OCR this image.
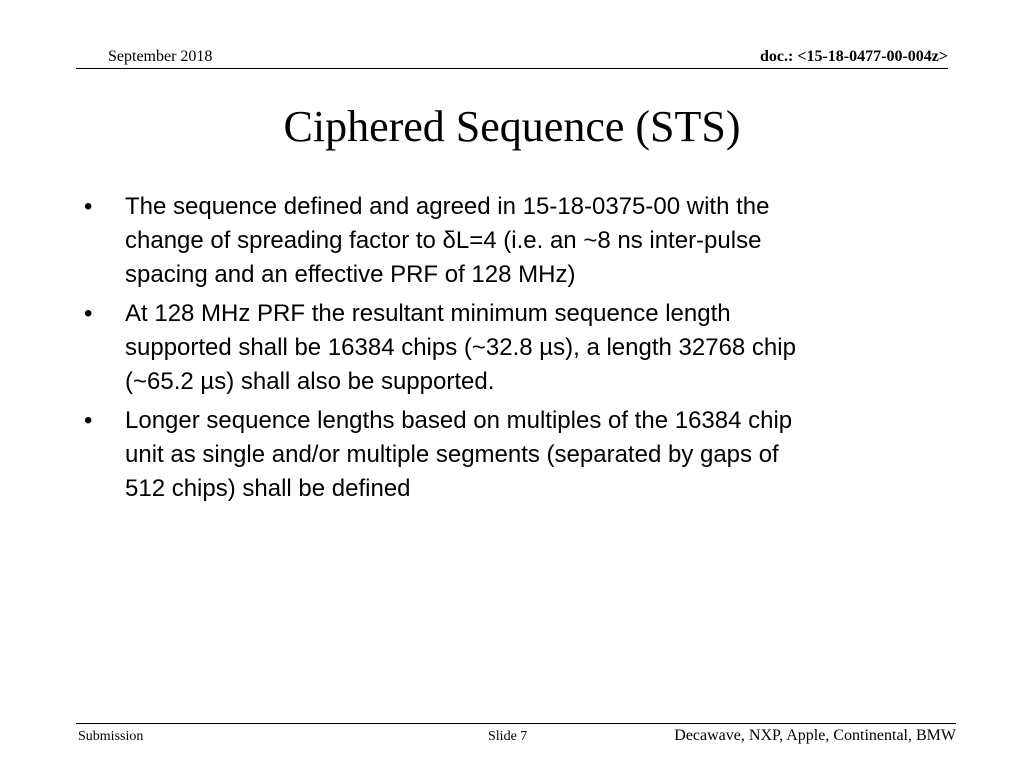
September 2018	doc.: <15-18-0477-00-004z>
Ciphered Sequence (STS)
•	The sequence defined and agreed in 15-18-0375-00 with the
change of spreading factor to δL=4 (i.e. an ~8 ns inter-pulse
spacing and an effective PRF of 128 MHz)
•	At 128 MHz PRF the resultant minimum sequence length
supported shall be 16384 chips (~32.8 µs), a length 32768 chip
(~65.2 µs) shall also be supported.
•	Longer sequence lengths based on multiples of the 16384 chip
unit as single and/or multiple segments (separated by gaps of
512 chips) shall be defined
Submission	Slide 7	Decawave, NXP, Apple, Continental, BMW
